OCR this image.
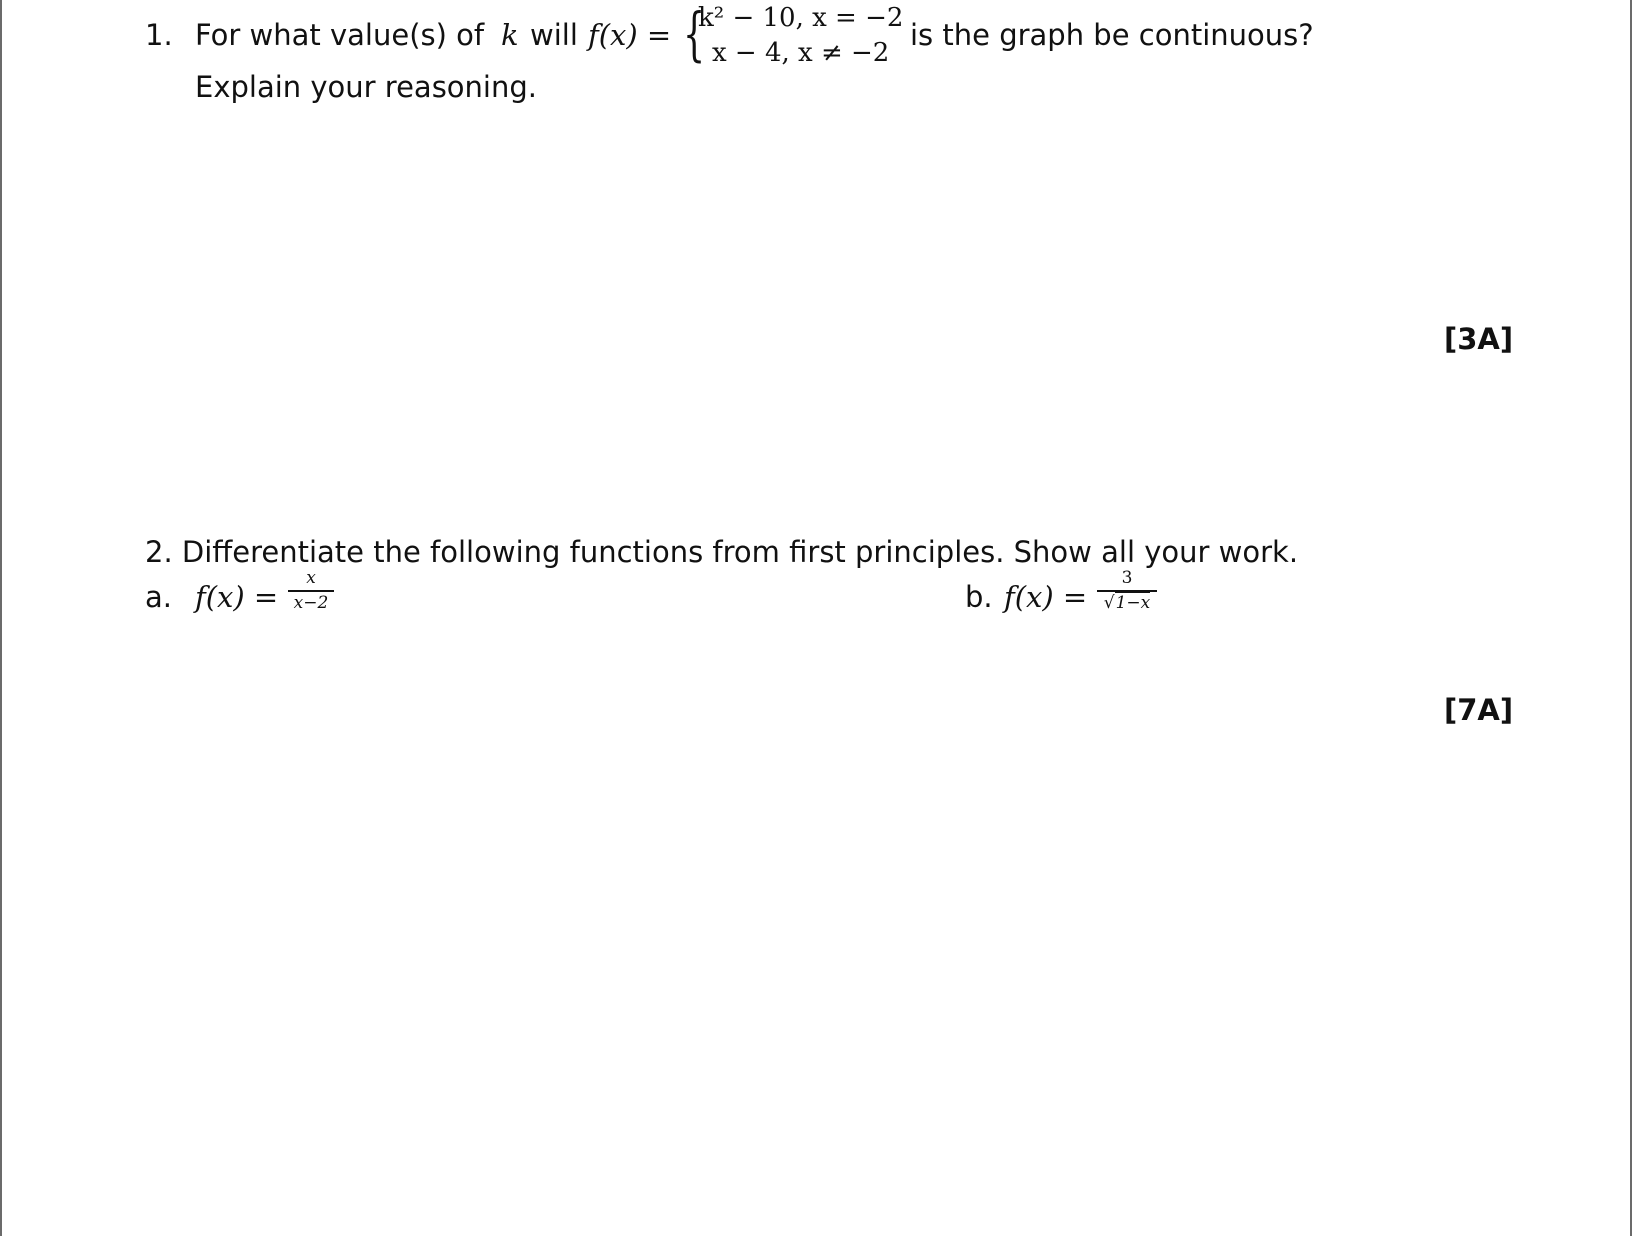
1. For what value(s) of k will f(x) = {
k² − 10, x = −2
x − 4, x ≠ −2
is the graph be continuous?
Explain your reasoning.
[3A]
2. Differentiate the following functions from first principles. Show all your work.
a. f(x) =
x
x−2	b. f(x) =
3
√1−x
[7A]
